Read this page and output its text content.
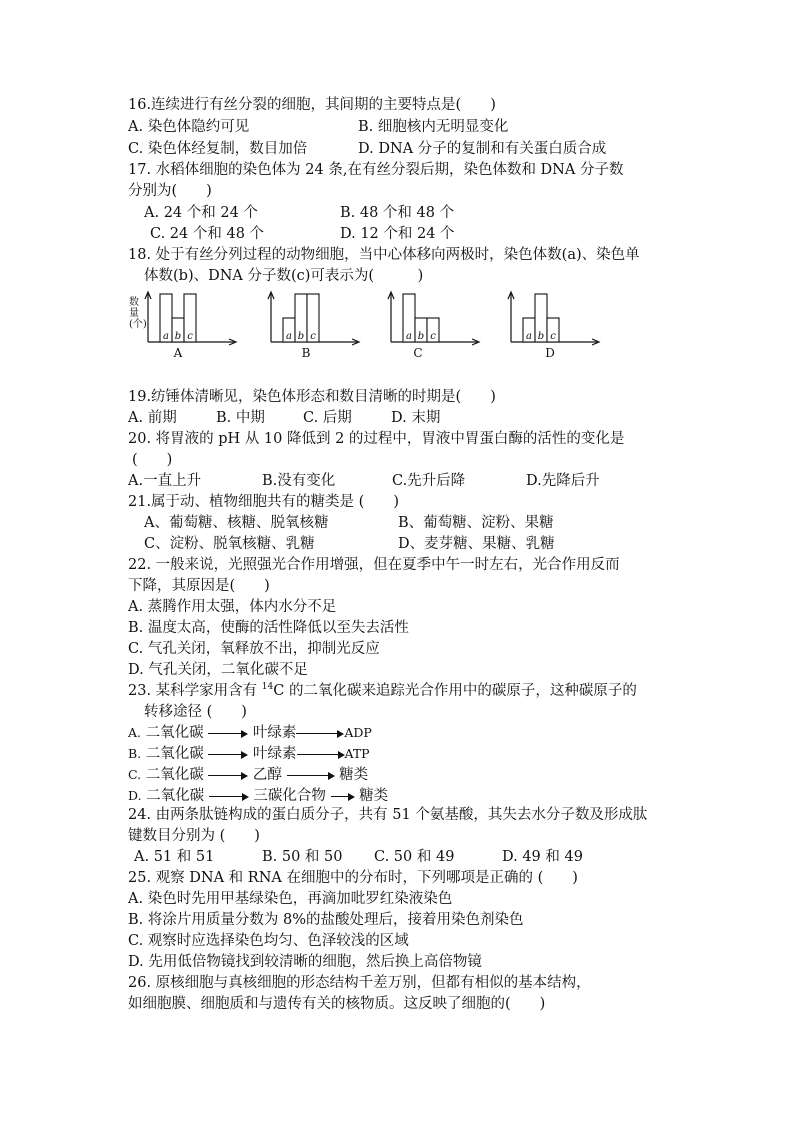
16.连续进行有丝分裂的细胞，其间期的主要特点是(　　)
A. 染色体隐约可见	B. 细胞核内无明显变化
C. 染色体经复制，数目加倍	D. DNA 分子的复制和有关蛋白质合成
17. 水稻体细胞的染色体为 24 条,在有丝分裂后期，染色体数和 DNA 分子数
分别为(　　)
A. 24 个和 24 个	B. 48 个和 48 个
C. 24 个和 48 个	D. 12 个和 24 个
18. 处于有丝分列过程的动物细胞，当中心体移向两极时，染色体数(a)、染色单
体数(b)、DNA 分子数(c)可表示为(　　　)
数量(个)
a b c	a b c	a b c	a b c
A	B	C	D
19.纺锤体清晰见，染色体形态和数目清晰的时期是(　　)
A. 前期	B. 中期	C. 后期	D. 末期
20. 将胃液的 pH 从 10 降低到 2 的过程中，胃液中胃蛋白酶的活性的变化是
(　　)
A.一直上升	B.没有变化	C.先升后降	D.先降后升
21.属于动、植物细胞共有的糖类是 (　　)
A、葡萄糖、核糖、脱氧核糖	B、葡萄糖、淀粉、果糖
C、淀粉、脱氧核糖、乳糖	D、麦芽糖、果糖、乳糖
22. 一般来说，光照强光合作用增强，但在夏季中午一时左右，光合作用反而
下降，其原因是(　　)
A. 蒸腾作用太强，体内水分不足
B. 温度太高，使酶的活性降低以至失去活性
C. 气孔关闭，氧释放不出，抑制光反应
D. 气孔关闭，二氧化碳不足
23. 某科学家用含有 $^{14}$C 的二氧化碳来追踪光合作用中的碳原子，这种碳原子的
转移途径 (　　)
A. 二氧化碳	叶绿素	ADP
B. 二氧化碳	叶绿素	ATP
C. 二氧化碳	乙醇	糖类
D. 二氧化碳	三碳化合物 糖类
24. 由两条肽链构成的蛋白质分子，共有 51 个氨基酸，其失去水分子数及形成肽
键数目分别为 (　　)
A. 51 和 51	B. 50 和 50 C. 50 和 49	D. 49 和 49
25. 观察 DNA 和 RNA 在细胞中的分布时，下列哪项是正确的 (　　)
A. 染色时先用甲基绿染色，再滴加吡罗红染液染色
B. 将涂片用质量分数为 8%的盐酸处理后，接着用染色剂染色
C. 观察时应选择染色均匀、色泽较浅的区域
D. 先用低倍物镜找到较清晰的细胞，然后换上高倍物镜
26. 原核细胞与真核细胞的形态结构千差万别，但都有相似的基本结构，
如细胞膜、细胞质和与遗传有关的核物质。这反映了细胞的(　　)
